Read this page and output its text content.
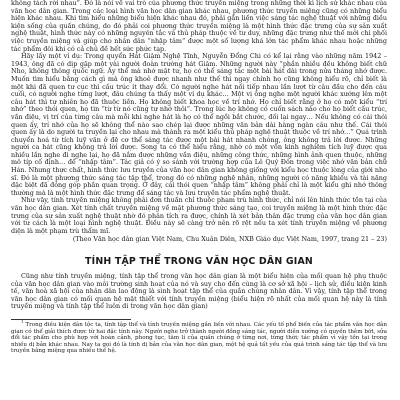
không tách rời nhau”. Đó là nói về vai trò của phương thức truyền miệng trong những thời kì lịch sử khác nhau của văn học dân gian. Trong các loại hình văn học dân gian khác nhau, phương thức truyền miệng cũng có những biểu hiện khác nhau. Khi tìm hiểu những biểu hiện khác nhau đó, phải gắn liền việc sáng tác nghệ thuật với những điều kiện sống của quần chúng, do đó phải coi phương thức truyền miệng là một hình thức đặc trưng của sự sản xuất nghệ thuật, hình thức này có những nguyên tắc và thủ pháp thuộc về tư duy, những đặc trưng như thế mới chi phối việc truyền miệng và giúp cho nhân dân “nhập tâm” được một số lượng khá lớn tác phẩm khác nhau hoặc những tác phẩm đôi khi có cả chủ đề hết sức phức tạp.

Hãy lấy một ví dụ: Trong quyển Hát Giặm Nghệ Tĩnh, Nguyễn Đổng Chi có kể lại rằng vào những năm 1942 – 1943, ông đã có dịp gặp một vài người đoàn trường hát Giặm. Những người này “phần nhiều đều không biết chữ Nho, không thông quốc ngữ. Ấy thế mà nhớ mặt tư, họ có thể sáng tác một bài hát dài trong nửa tháng nhớ được. Muốn tìm hiểu bằng cách gì mà ông khoẻ được nhanh như thế thì ngay chính họ cũng không hiểu rõ, chỉ biết là một khi đã quen tư cục thì cấu trúc ít thay đổi. Có người nghe hát nối tiếp nhau lần lượt từ câu đầu cho đến câu cuối, có người nghe từng lượt, đâu chúng ta thấy một ví dụ khác… Một vị ông nghe một người khác xướng lên một câu hát thì tự nhiên họ đã thuộc liền. Họ không biết khoa học về trí nhớ. Họ chỉ biết rằng ở họ có một kiểu “trí nhớ” theo thói quen, họ tin “từ từ nó cũng tự nhớ thôi”. Trong lúc họ không có cuốn sách nào cho họ biết cấu trúc, vần điệu, vị trí của từng câu mà mỗi khi nghe hát là họ có thể ngồi bắt chước, đối lại ngay… Nếu không có cái thói quen ấy, trí nhớ của họ sẽ không thể nào sao chép lại được những văn bản dài hàng ngàn câu như thế. Cái thói quen ấy là do người ta truyền lại cho nhau mà thành ra một kiểu thủ pháp nghệ thuật thuộc về trí nhớ…” Quá trình chuyển hoá từ tích luỹ văn ở đệ cơ thể sáng tác được một bài hát nhanh chóng, ông không trả lời được. Những người ca hát cũng không trả lời được. Song ta có thể hiểu rằng, nhờ có một vốn kinh nghiệm tích luỹ được qua nhiều lần nghe đi nghe lại, họ đã nắm được những vần điệu, những công thức, những hình ảnh quen thuộc, những mô típ cố định… để “nhập tâm”. Tác giả có ý so sánh với trường hợp của Lê Quý Đôn trong việc nhớ văn bản chữ Hán. Nhưng thực chất, hình thức lưu truyền của văn học dân gian không giống với kiểu học thuộc lòng của giới nho sĩ. Đó là một phương thức sáng tác tập thể, trong đó có những nghệ nhân, những người có năng khiếu và tài năng đặc biệt đã đóng góp phần quan trọng. Ở đây, cái thói quen “nhập tâm” không phải chỉ là một kiểu ghi nhớ thông thường mà là một hình thức đặc trưng để sáng tác và lưu truyền tác phẩm nghệ thuật.

Như vậy, tính truyền miệng không phải đơn thuần chỉ thuộc phạm trù hình thức, chỉ nói lên hình thức tồn tại của văn học dân gian. Xét tính chất truyền miệng về mặt phương thức sáng tạo, coi truyền miệng là một hình thức đặc trưng của sự sản xuất nghệ thuật nhờ đó phân tích ra được, chính là xét bản thân đặc trưng của văn học dân gian với tư cách là một loại hình nghệ thuật. Điều này sẽ càng trở nên rõ rệt nếu ta xét tính truyền miệng về phương diện là một phạm trù thẩm mĩ.

(Theo Văn học dân gian Việt Nam, Chu Xuân Diên, NXB Giáo dục Việt Nam, 1997, trang 21 – 23)

TÍNH TẬP THỂ TRONG VĂN HỌC DÂN GIAN

Cũng như tính truyền miệng, tính tập thể trong văn học dân gian là một biểu hiện của mối quan hệ phụ thuộc của văn học dân gian vào môi trường sinh hoạt của nó và suy cho đến cùng là cơ sở xã hội – lịch sử, điều kiện kinh tế, văn hoá xã hội của nhân dân lao động là sinh hoạt tập thể của quần chúng nhân dân. Vì vậy, tính tập thể trong văn học dân gian có mối quan hệ mật thiết với tính truyền miệng (biểu hiện rõ nhất của mối quan hệ này là tính truyền miệng và tính tập thể luôn di trong văn học dân gian)

$^1$ Trong điều kiện dân tộc ta, tính tập thể và tính truyền miệng gắn liền với nhau. Các yếu tố phổ biến của tác phẩm văn học dân gian có thể giải thích được từ hai đặc tính này. Người nghe trở thành người đồng sáng tác, người diễn xướng có quyền thêm bớt, sửa đổi tác phẩm cho phù hợp với hoàn cảnh, phong tục, tâm lí của quần chúng ở từng nơi, từng thời; tác phẩm vì vậy tồn tại trong nhiều dị bản khác nhau. Nay ta gọi đó là tính dị bản của văn học dân gian, một hệ quả tất yếu của quá trình sáng tác tập thể và lưu truyền bằng miệng qua nhiều thế hệ.
